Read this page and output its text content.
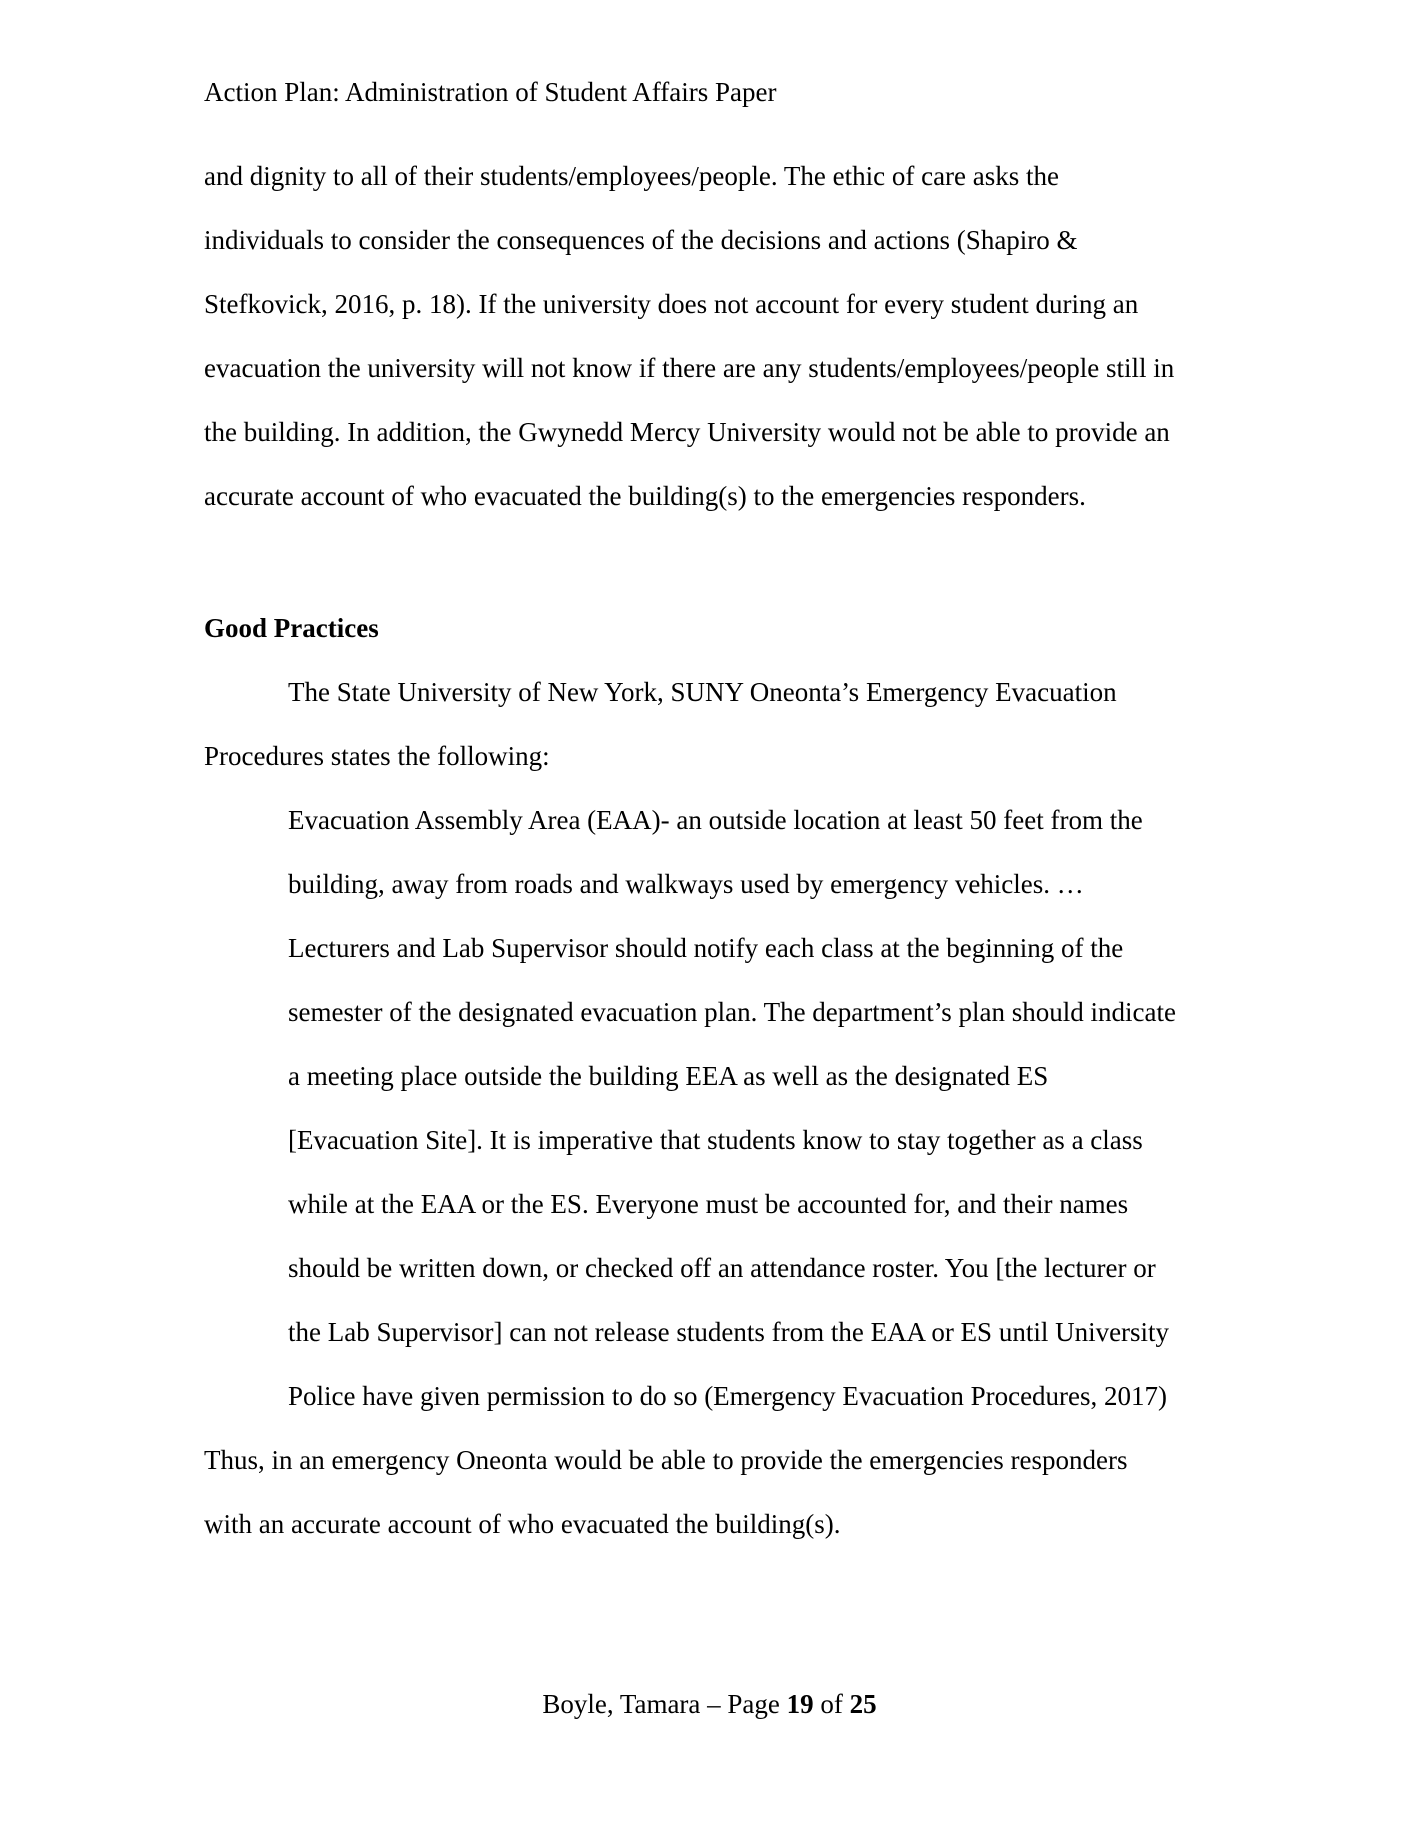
Action Plan: Administration of Student Affairs Paper
and dignity to all of their students/employees/people. The ethic of care asks the
individuals to consider the consequences of the decisions and actions (Shapiro &
Stefkovick, 2016, p. 18). If the university does not account for every student during an
evacuation the university will not know if there are any students/employees/people still in
the building. In addition, the Gwynedd Mercy University would not be able to provide an
accurate account of who evacuated the building(s) to the emergencies responders.
Good Practices
The State University of New York, SUNY Oneonta’s Emergency Evacuation
Procedures states the following:
Evacuation Assembly Area (EAA)- an outside location at least 50 feet from the
building, away from roads and walkways used by emergency vehicles. …
Lecturers and Lab Supervisor should notify each class at the beginning of the
semester of the designated evacuation plan. The department’s plan should indicate
a meeting place outside the building EEA as well as the designated ES
[Evacuation Site]. It is imperative that students know to stay together as a class
while at the EAA or the ES. Everyone must be accounted for, and their names
should be written down, or checked off an attendance roster. You [the lecturer or
the Lab Supervisor] can not release students from the EAA or ES until University
Police have given permission to do so (Emergency Evacuation Procedures, 2017)
Thus, in an emergency Oneonta would be able to provide the emergencies responders
with an accurate account of who evacuated the building(s).
Boyle, Tamara – Page 19 of 25
